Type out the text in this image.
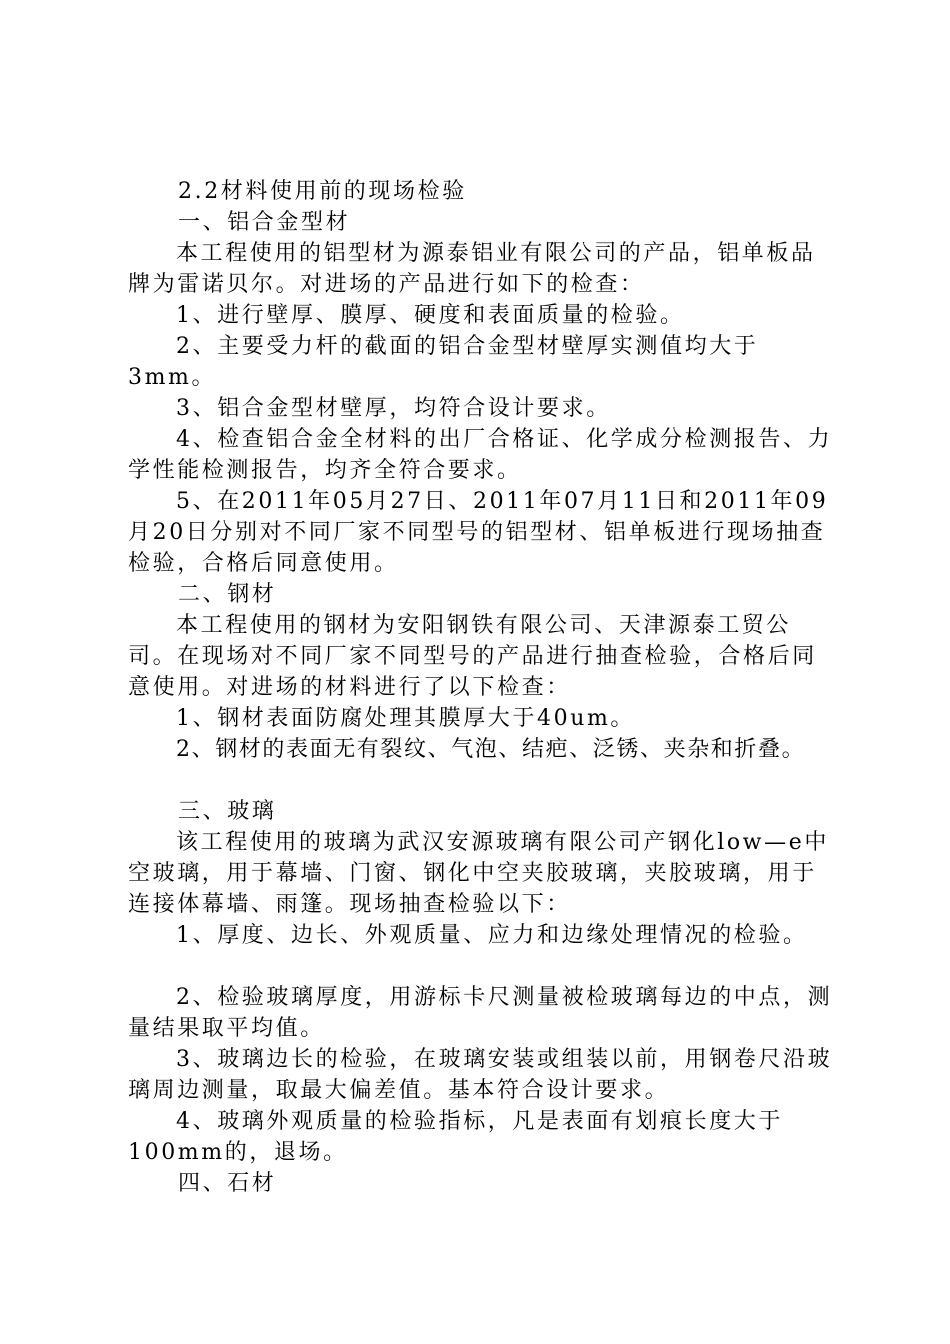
2.2材料使用前的现场检验

一、铝合金型材

本工程使用的铝型材为源泰铝业有限公司的产品，铝单板品牌为雷诺贝尔。对进场的产品进行如下的检查：

1、进行壁厚、膜厚、硬度和表面质量的检验。

2、主要受力杆的截面的铝合金型材壁厚实测值均大于3mm。

3、铝合金型材壁厚，均符合设计要求。

4、检查铝合金全材料的出厂合格证、化学成分检测报告、力学性能检测报告，均齐全符合要求。

5、在2011年05月27日、2011年07月11日和2011年09月20日分别对不同厂家不同型号的铝型材、铝单板进行现场抽查检验，合格后同意使用。

二、钢材

本工程使用的钢材为安阳钢铁有限公司、天津源泰工贸公司。在现场对不同厂家不同型号的产品进行抽查检验，合格后同意使用。对进场的材料进行了以下检查：

1、钢材表面防腐处理其膜厚大于40um。

2、钢材的表面无有裂纹、气泡、结疤、泛锈、夹杂和折叠。

三、玻璃

该工程使用的玻璃为武汉安源玻璃有限公司产钢化low—e中空玻璃，用于幕墙、门窗、钢化中空夹胶玻璃，夹胶玻璃，用于连接体幕墙、雨篷。现场抽查检验以下：

1、厚度、边长、外观质量、应力和边缘处理情况的检验。

2、检验玻璃厚度，用游标卡尺测量被检玻璃每边的中点，测量结果取平均值。

3、玻璃边长的检验，在玻璃安装或组装以前，用钢卷尺沿玻璃周边测量，取最大偏差值。基本符合设计要求。

4、玻璃外观质量的检验指标，凡是表面有划痕长度大于100mm的，退场。

四、石材
